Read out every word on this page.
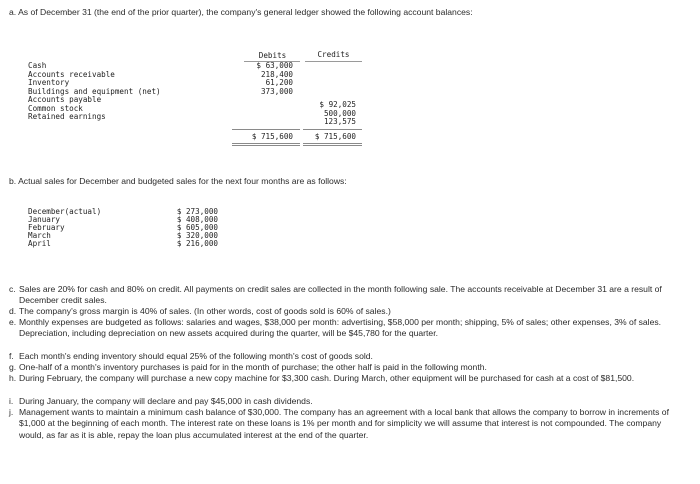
a. As of December 31 (the end of the prior quarter), the company's general ledger showed the following account balances:
Debits	Credits
Cash
Accounts receivable
Inventory
Buildings and equipment (net)
Accounts payable
Common stock
Retained earnings
$ 63,000
218,400
61,200
373,000
$ 92,025
500,000
123,575
$ 715,600	$ 715,600
b. Actual sales for December and budgeted sales for the next four months are as follows:
December(actual)
January
February
March
April
$ 273,000
$ 408,000
$ 605,000
$ 320,000
$ 216,000
c. Sales are 20% for cash and 80% on credit. All payments on credit sales are collected in the month following sale. The accounts receivable at December 31 are a result of December credit sales.
d. The company's gross margin is 40% of sales. (In other words, cost of goods sold is 60% of sales.)
e. Monthly expenses are budgeted as follows: salaries and wages, $38,000 per month: advertising, $58,000 per month; shipping, 5% of sales; other expenses, 3% of sales. Depreciation, including depreciation on new assets acquired during the quarter, will be $45,780 for the quarter.
f. Each month's ending inventory should equal 25% of the following month's cost of goods sold.
g. One-half of a month's inventory purchases is paid for in the month of purchase; the other half is paid in the following month.
h. During February, the company will purchase a new copy machine for $3,300 cash. During March, other equipment will be purchased for cash at a cost of $81,500.
i. During January, the company will declare and pay $45,000 in cash dividends.
j. Management wants to maintain a minimum cash balance of $30,000. The company has an agreement with a local bank that allows the company to borrow in increments of $1,000 at the beginning of each month. The interest rate on these loans is 1% per month and for simplicity we will assume that interest is not compounded. The company would, as far as it is able, repay the loan plus accumulated interest at the end of the quarter.
